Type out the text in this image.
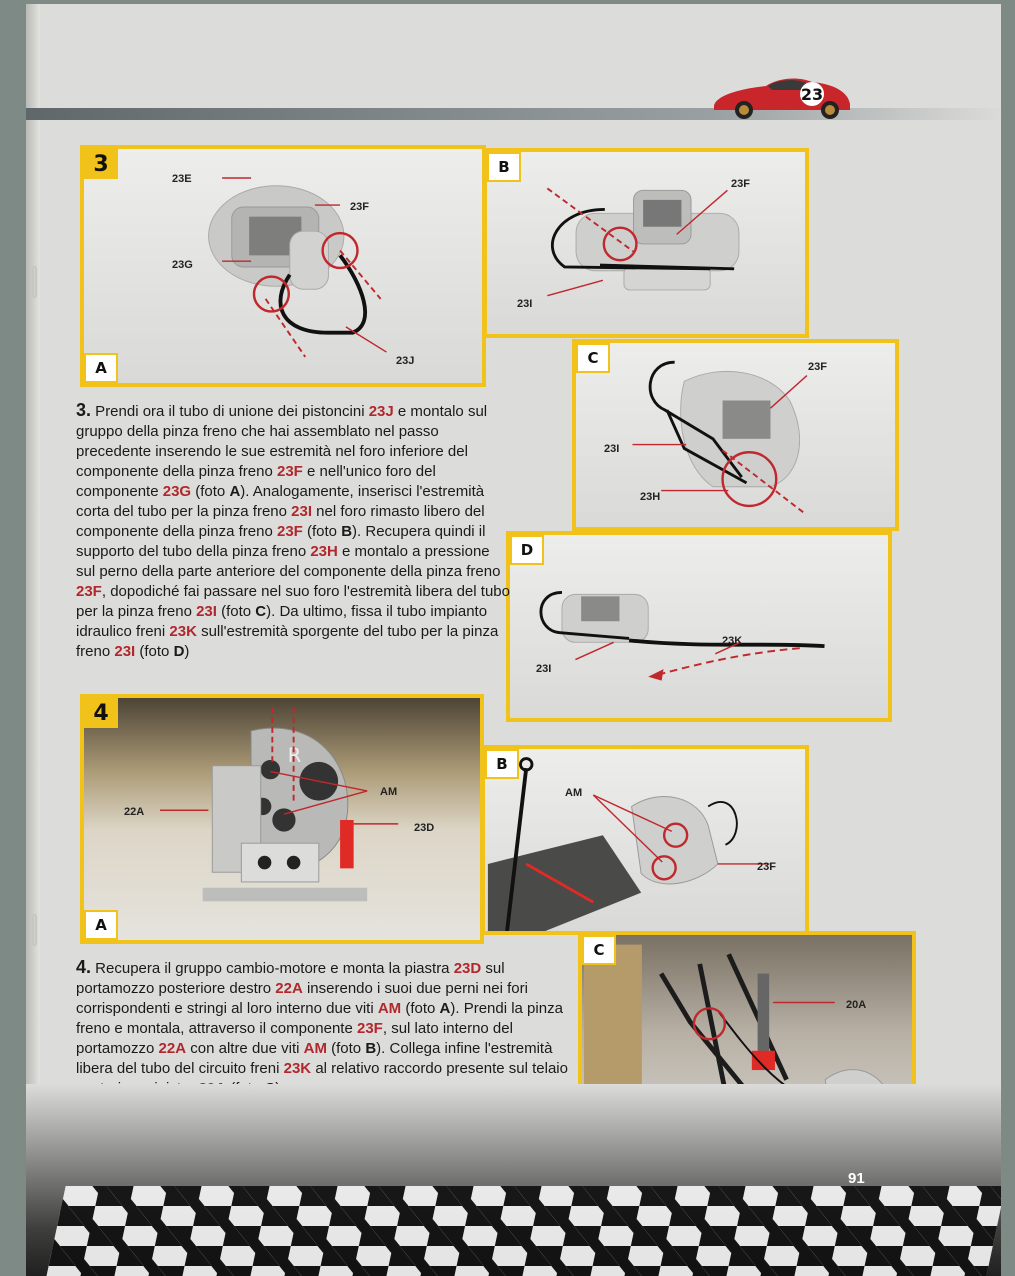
23
3
23E
23F
23G
23J
A
B
23F
23I
C	23F
23I
23H
D
23K
23I
3. Prendi ora il tubo di unione dei pistoncini 23J e montalo sul gruppo della pinza freno che hai assemblato nel passo precedente inserendo le sue estremità nel foro inferiore del componente della pinza freno 23F e nell'unico foro del componente 23G (foto A). Analogamente, inserisci l'estremità corta del tubo per la pinza freno 23I nel foro rimasto libero del componente della pinza freno 23F (foto B). Recupera quindi il supporto del tubo della pinza freno 23H e montalo a pressione sul perno della parte anteriore del componente della pinza freno 23F, dopodiché fai passare nel suo foro l'estremità libera del tubo per la pinza freno 23I (foto C). Da ultimo, fissa il tubo impianto idraulico freni 23K sull'estremità sporgente del tubo per la pinza freno 23I (foto D)
R
4
22A
AM
23D
A
B
AM
23F
C
20A
4. Recupera il gruppo cambio-motore e monta la piastra 23D sul portamozzo posteriore destro 22A inserendo i suoi due perni nei fori corrispondenti e stringi al loro interno due viti AM (foto A). Prendi la pinza freno e montala, attraverso il componente 23F, sul lato interno del portamozzo 22A con altre due viti AM (foto B). Collega infine l'estremità libera del tubo del circuito freni 23K al relativo raccordo presente sul telaio
91
